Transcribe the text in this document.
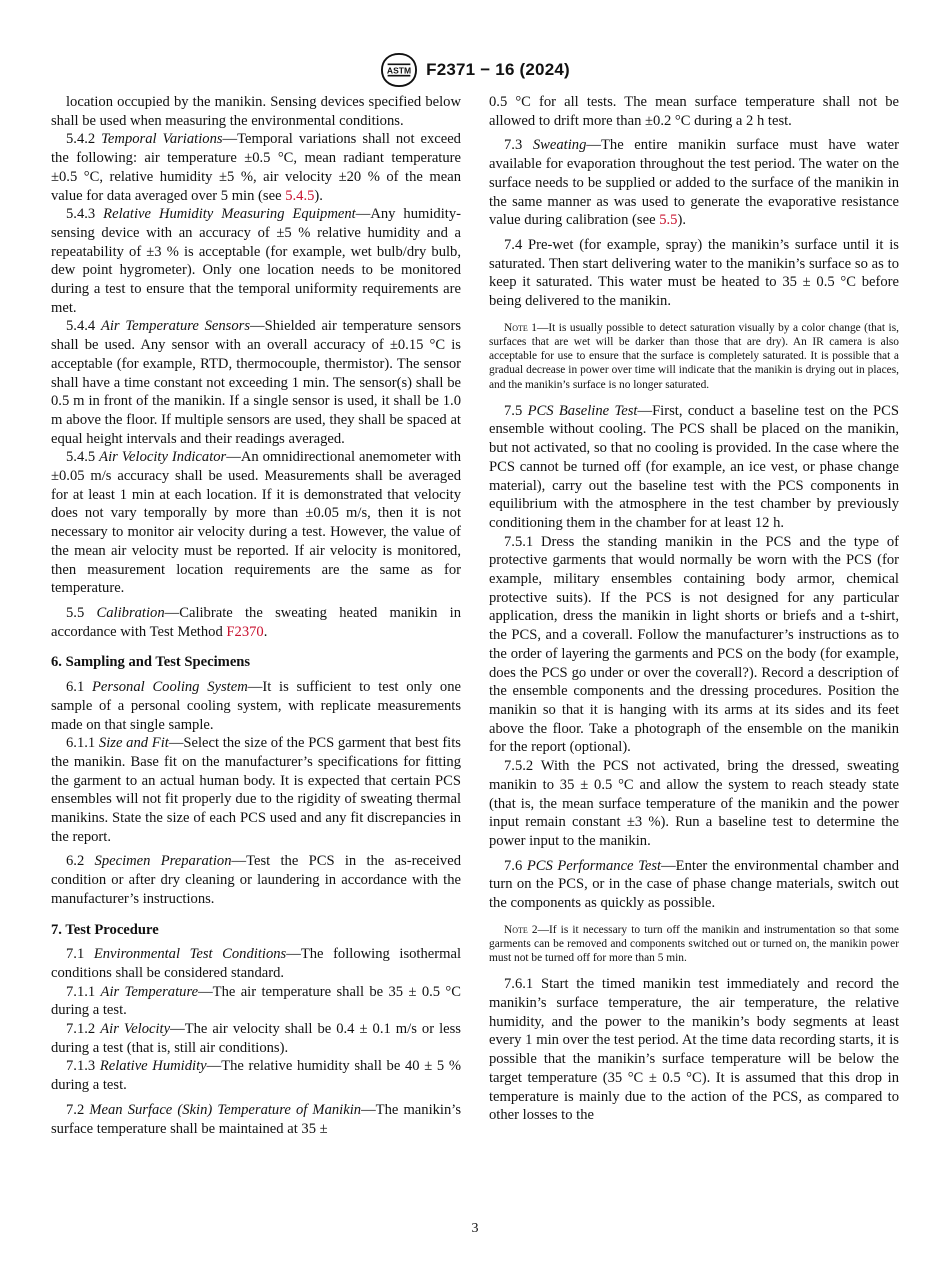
ASTM F2371 − 16 (2024)

location occupied by the manikin. Sensing devices specified below shall be used when measuring the environmental conditions.

5.4.2 Temporal Variations—Temporal variations shall not exceed the following: air temperature ±0.5 °C, mean radiant temperature ±0.5 °C, relative humidity ±5 %, air velocity ±20 % of the mean value for data averaged over 5 min (see 5.4.5).

5.4.3 Relative Humidity Measuring Equipment—Any humidity-sensing device with an accuracy of ±5 % relative humidity and a repeatability of ±3 % is acceptable (for example, wet bulb/dry bulb, dew point hygrometer). Only one location needs to be monitored during a test to ensure that the temporal uniformity requirements are met.

5.4.4 Air Temperature Sensors—Shielded air temperature sensors shall be used. Any sensor with an overall accuracy of ±0.15 °C is acceptable (for example, RTD, thermocouple, thermistor). The sensor shall have a time constant not exceeding 1 min. The sensor(s) shall be 0.5 m in front of the manikin. If a single sensor is used, it shall be 1.0 m above the floor. If multiple sensors are used, they shall be spaced at equal height intervals and their readings averaged.

5.4.5 Air Velocity Indicator—An omnidirectional anemometer with ±0.05 m/s accuracy shall be used. Measurements shall be averaged for at least 1 min at each location. If it is demonstrated that velocity does not vary temporally by more than ±0.05 m/s, then it is not necessary to monitor air velocity during a test. However, the value of the mean air velocity must be reported. If air velocity is monitored, then measurement location requirements are the same as for temperature.

5.5 Calibration—Calibrate the sweating heated manikin in accordance with Test Method F2370.

6. Sampling and Test Specimens

6.1 Personal Cooling System—It is sufficient to test only one sample of a personal cooling system, with replicate measurements made on that single sample.

6.1.1 Size and Fit—Select the size of the PCS garment that best fits the manikin. Base fit on the manufacturer’s specifications for fitting the garment to an actual human body. It is expected that certain PCS ensembles will not fit properly due to the rigidity of sweating thermal manikins. State the size of each PCS used and any fit discrepancies in the report.

6.2 Specimen Preparation—Test the PCS in the as-received condition or after dry cleaning or laundering in accordance with the manufacturer’s instructions.

7. Test Procedure

7.1 Environmental Test Conditions—The following isothermal conditions shall be considered standard.

7.1.1 Air Temperature—The air temperature shall be 35 ± 0.5 °C during a test.

7.1.2 Air Velocity—The air velocity shall be 0.4 ± 0.1 m/s or less during a test (that is, still air conditions).

7.1.3 Relative Humidity—The relative humidity shall be 40 ± 5 % during a test.

7.2 Mean Surface (Skin) Temperature of Manikin—The manikin’s surface temperature shall be maintained at 35 ±

0.5 °C for all tests. The mean surface temperature shall not be allowed to drift more than ±0.2 °C during a 2 h test.

7.3 Sweating—The entire manikin surface must have water available for evaporation throughout the test period. The water on the surface needs to be supplied or added to the surface of the manikin in the same manner as was used to generate the evaporative resistance value during calibration (see 5.5).

7.4 Pre-wet (for example, spray) the manikin’s surface until it is saturated. Then start delivering water to the manikin’s surface so as to keep it saturated. This water must be heated to 35 ± 0.5 °C before being delivered to the manikin.

Note 1—It is usually possible to detect saturation visually by a color change (that is, surfaces that are wet will be darker than those that are dry). An IR camera is also acceptable for use to ensure that the surface is completely saturated. It is possible that a gradual decrease in power over time will indicate that the manikin is drying out in places, and the manikin’s surface is no longer saturated.

7.5 PCS Baseline Test—First, conduct a baseline test on the PCS ensemble without cooling. The PCS shall be placed on the manikin, but not activated, so that no cooling is provided. In the case where the PCS cannot be turned off (for example, an ice vest, or phase change material), carry out the baseline test with the PCS components in equilibrium with the atmosphere in the test chamber by previously conditioning them in the chamber for at least 12 h.

7.5.1 Dress the standing manikin in the PCS and the type of protective garments that would normally be worn with the PCS (for example, military ensembles containing body armor, chemical protective suits). If the PCS is not designed for any particular application, dress the manikin in light shorts or briefs and a t-shirt, the PCS, and a coverall. Follow the manufacturer’s instructions as to the order of layering the garments and PCS on the body (for example, does the PCS go under or over the coverall?). Record a description of the ensemble components and the dressing procedures. Position the manikin so that it is hanging with its arms at its sides and its feet above the floor. Take a photograph of the ensemble on the manikin for the report (optional).

7.5.2 With the PCS not activated, bring the dressed, sweating manikin to 35 ± 0.5 °C and allow the system to reach steady state (that is, the mean surface temperature of the manikin and the power input remain constant ±3 %). Run a baseline test to determine the power input to the manikin.

7.6 PCS Performance Test—Enter the environmental chamber and turn on the PCS, or in the case of phase change materials, switch out the components as quickly as possible.

Note 2—If is it necessary to turn off the manikin and instrumentation so that some garments can be removed and components switched out or turned on, the manikin power must not be turned off for more than 5 min.

7.6.1 Start the timed manikin test immediately and record the manikin’s surface temperature, the air temperature, the relative humidity, and the power to the manikin’s body segments at least every 1 min over the test period. At the time data recording starts, it is possible that the manikin’s surface temperature will be below the target temperature (35 °C ± 0.5 °C). It is assumed that this drop in temperature is mainly due to the action of the PCS, as compared to other losses to the

3
